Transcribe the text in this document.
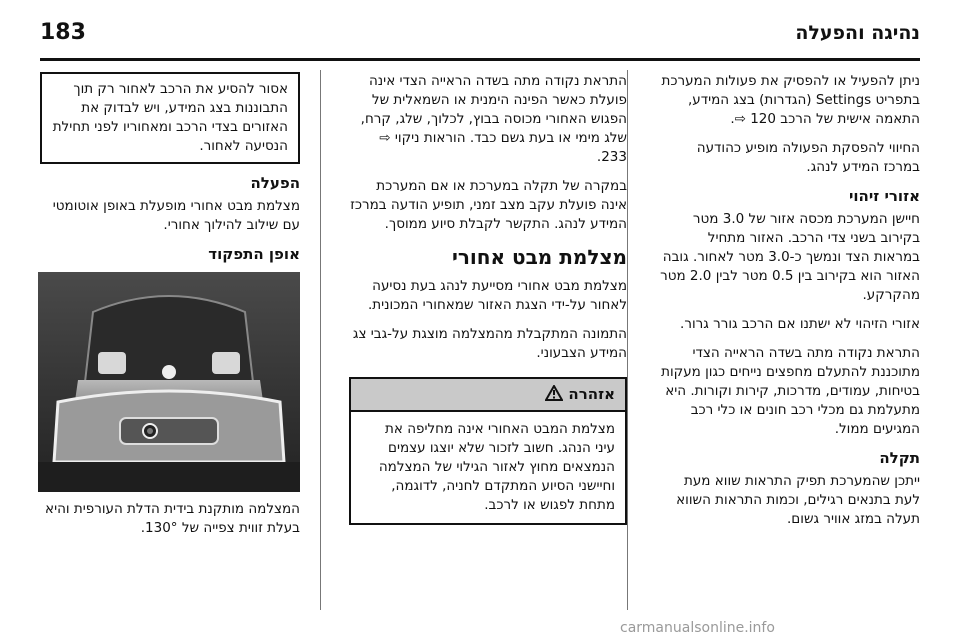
נהיגה והפעלה
183

ניתן להפעיל או להפסיק את פעולות המערכת בתפריט Settings (הגדרות) בצג המידע, התאמה אישית של הרכב ‎120 ⇨.

החיווי להפסקת הפעולה מופיע כהודעה במרכז המידע לנהג.

אזורי זיהוי

חיישן המערכת מכסה אזור של 3.0 מטר בקירוב בשני צדי הרכב. האזור מתחיל במראות הצד ונמשך כ-3.0 מטר לאחור. גובה האזור הוא בקירוב בין 0.5 מטר לבין 2.0 מטר מהקרקע.

אזורי הזיהוי לא ישתנו אם הרכב גורר גרור.

התראת נקודה מתה בשדה הראייה הצדי מתוכננת להתעלם מחפצים נייחים כגון מעקות בטיחות, עמודים, מדרכות, קירות וקורות. היא מתעלמת גם מכלי רכב חונים או כלי רכב המגיעים ממול.

תקלה

ייתכן שהמערכת תפיק התראות שווא מעת לעת בתנאים רגילים, וכמות התראות השווא תעלה במזג אוויר גשום.

התראת נקודה מתה בשדה הראייה הצדי אינה פועלת כאשר הפינה הימנית או השמאלית של הפגוש האחורי מכוסה בבוץ, לכלוך, שלג, קרח, שלג מימי או בעת גשם כבד. הוראות ניקוי ⇨ ‎233.

במקרה של תקלה במערכת או אם המערכת אינה פועלת עקב מצב זמני, תופיע הודעה במרכז המידע לנהג. התקשר לקבלת סיוע ממוסך.

מצלמת מבט אחורי

מצלמת מבט אחורי מסייעת לנהג בעת נסיעה לאחור על-ידי הצגת האזור שמאחורי המכונית.

התמונה המתקבלת מהמצלמה מוצגת על-גבי צג המידע הצבעוני.

אזהרה
מצלמת המבט האחורי אינה מחליפה את עיני הנהג. חשוב לזכור שלא יוצגו עצמים הנמצאים מחוץ לאזור הגילוי של המצלמה וחיישני הסיוע המתקדם לחניה, לדוגמה, מתחת לפגוש או לרכב.
אסור להסיע את הרכב לאחור רק תוך התבוננות בצג המידע, ויש לבדוק את האזורים בצדי הרכב ומאחוריו לפני תחילת הנסיעה לאחור.
הפעלה

מצלמת מבט אחורי מופעלת באופן אוטומטי עם שילוב להילוך אחורי.

אופן התפקוד

המצלמה מותקנת בידית הדלת העורפית והיא בעלת זווית צפייה של ‎130°.

carmanualsonline.info
